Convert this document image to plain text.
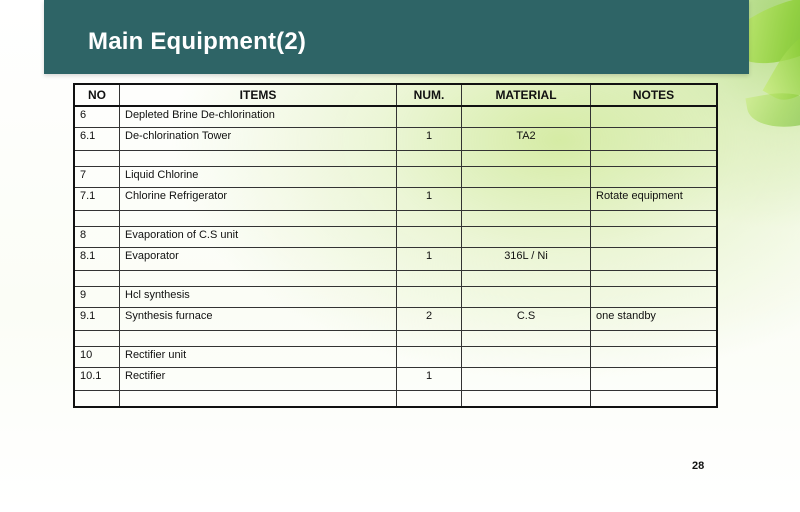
Main Equipment(2)
NO	ITEMS	NUM.	MATERIAL	NOTES
6	Depleted Brine De-chlorination			
6.1	De-chlorination Tower	1	TA2	

7	Liquid Chlorine			
7.1	Chlorine Refrigerator	1		Rotate equipment

8	Evaporation of C.S unit			
8.1	Evaporator	1	316L / Ni	

9	Hcl synthesis			
9.1	Synthesis furnace	2	C.S	one standby

10	Rectifier unit			
10.1	Rectifier	1		

28
